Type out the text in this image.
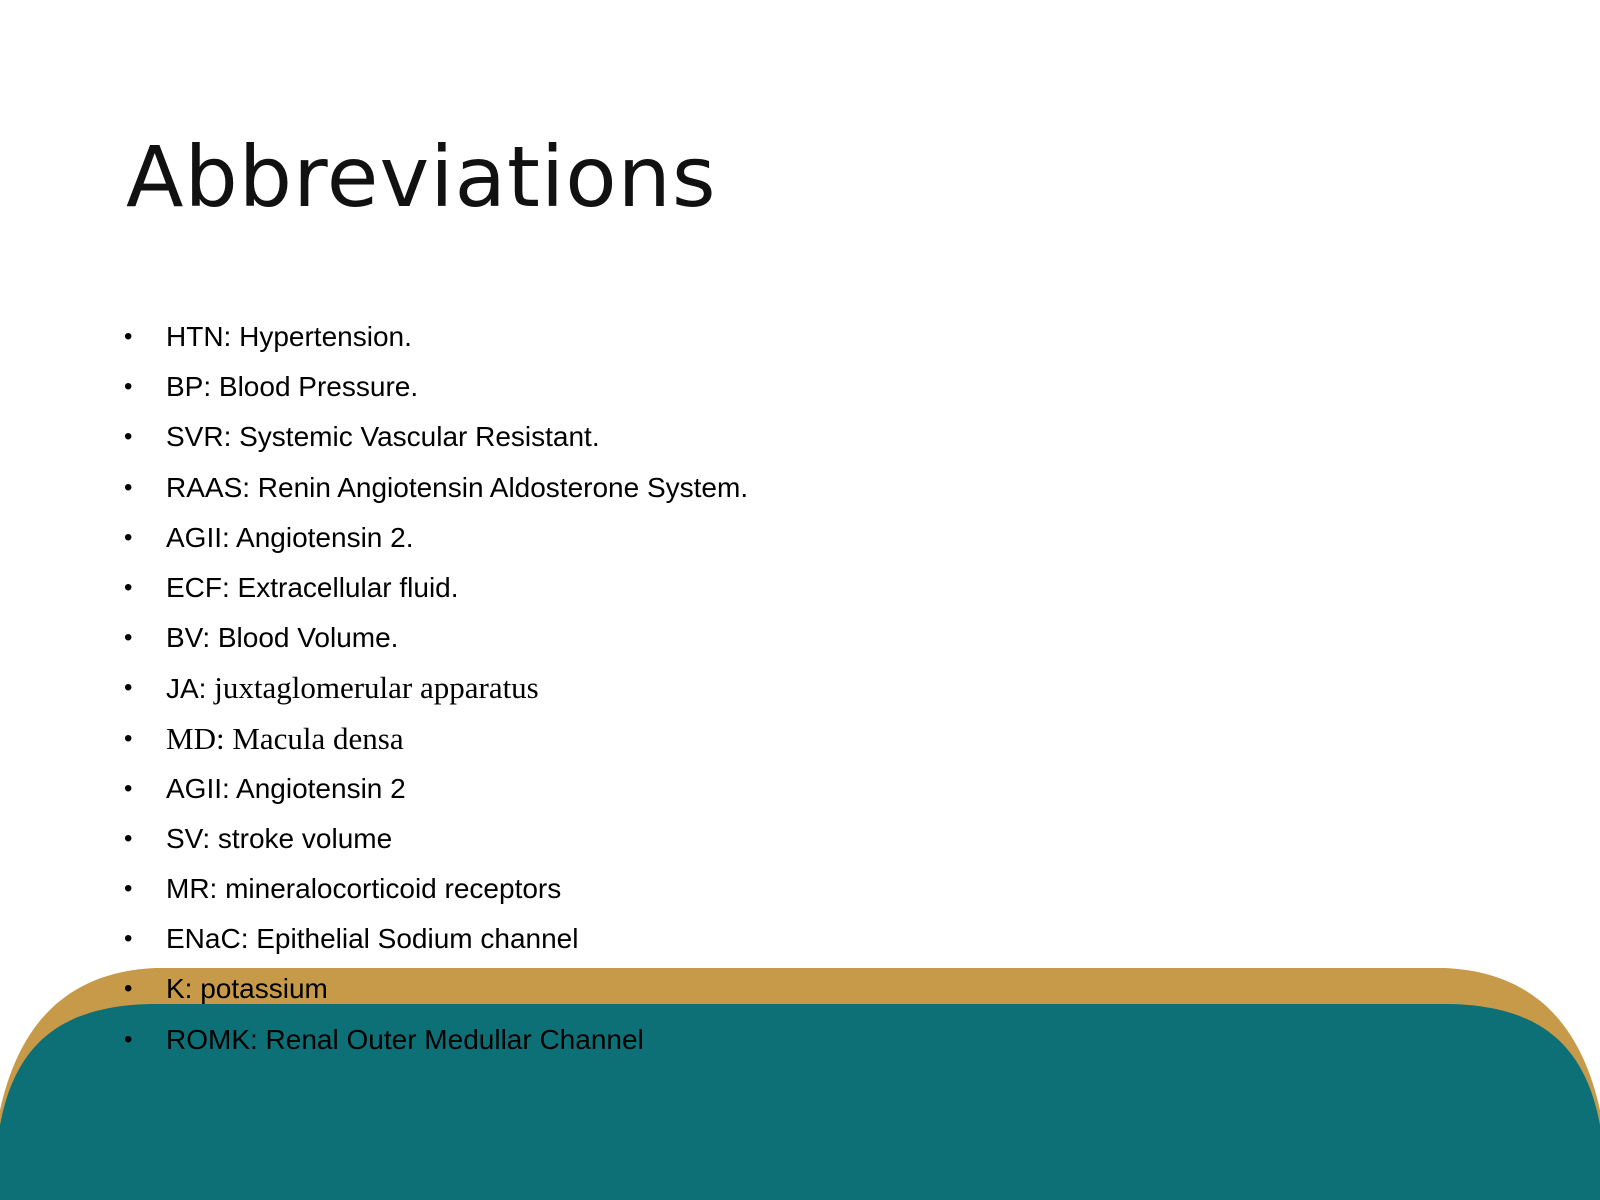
Abbreviations
•	HTN: Hypertension.
•	BP: Blood Pressure.
•	SVR: Systemic Vascular Resistant.
•	RAAS: Renin Angiotensin Aldosterone System.
•	AGII: Angiotensin 2.
•	ECF: Extracellular fluid.
•	BV: Blood Volume.
•	JA: juxtaglomerular apparatus
•	MD: Macula densa
•	AGII: Angiotensin 2
•	SV: stroke volume
•	MR: mineralocorticoid receptors
•	ENaC: Epithelial Sodium channel
•	K: potassium
•	ROMK: Renal Outer Medullar Channel
